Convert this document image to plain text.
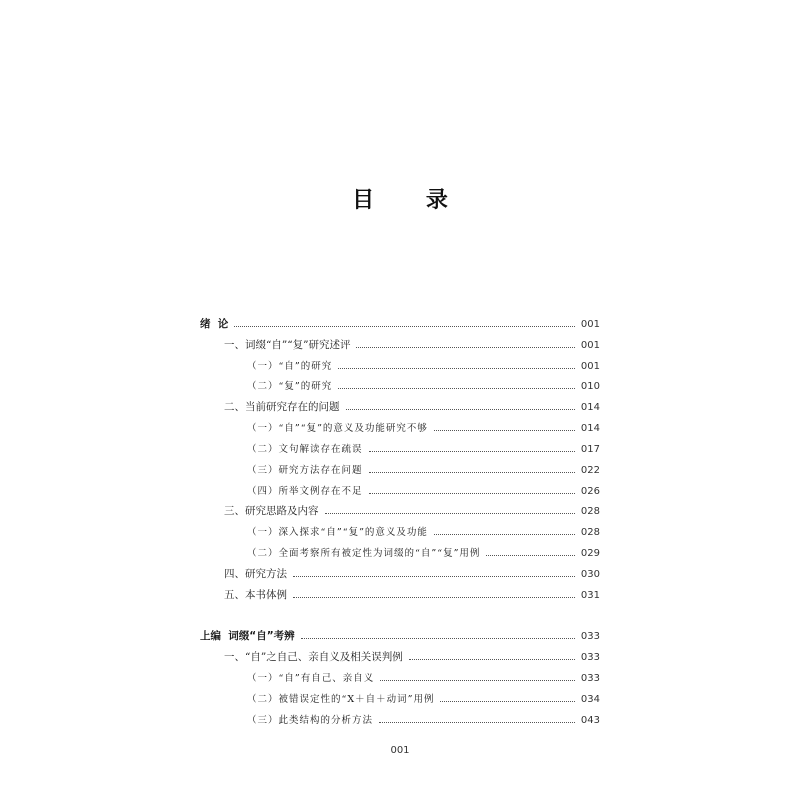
目 录
绪  论	001
一、词缀“自”“复”研究述评	001
（一）“自”的研究	001
（二）“复”的研究	010
二、当前研究存在的问题	014
（一）“自”“复”的意义及功能研究不够	014
（二）文句解读存在疏误	017
（三）研究方法存在问题	022
（四）所举文例存在不足	026
三、研究思路及内容	028
（一）深入探求“自”“复”的意义及功能	028
（二）全面考察所有被定性为词缀的“自”“复”用例	029
四、研究方法	030
五、本书体例	031
上编  词缀“自”考辨	033
一、“自”之自己、亲自义及相关误判例	033
（一）“自”有自己、亲自义	033
（二）被错误定性的“X＋自＋动词”用例	034
（三）此类结构的分析方法	043
001
